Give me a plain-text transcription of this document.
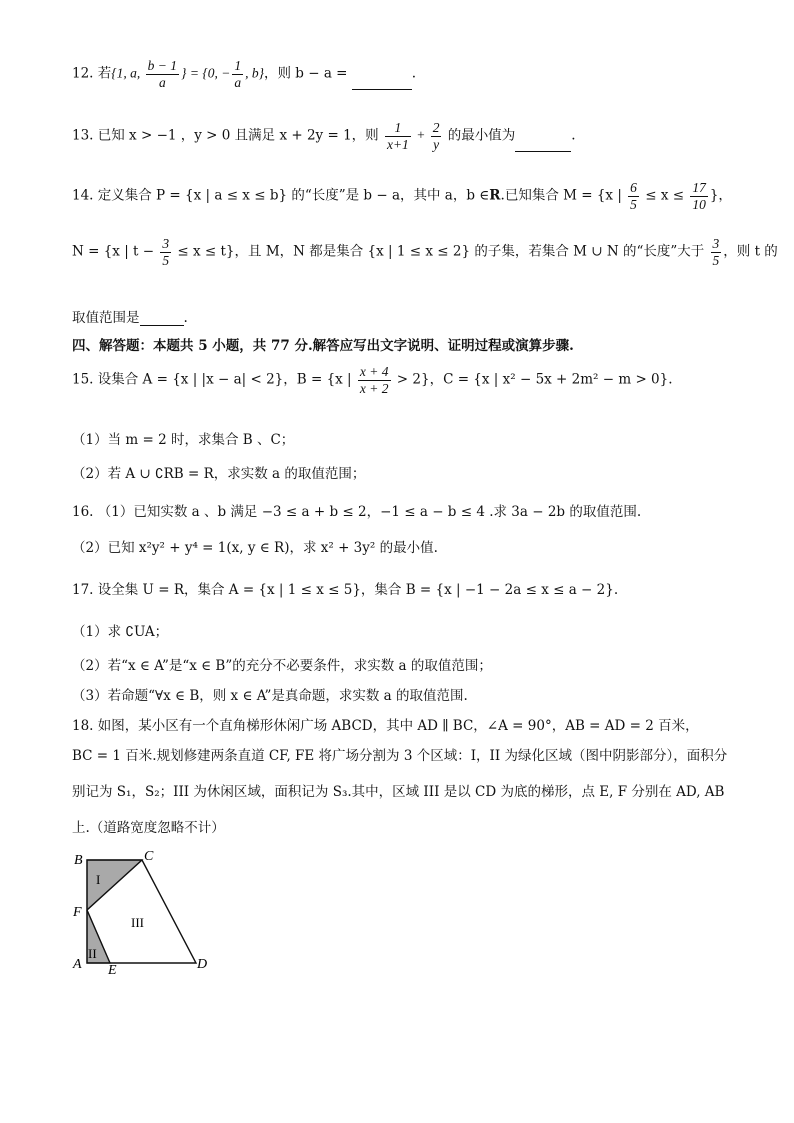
12. 若{1, a, $\frac{b - 1}{a}$ } = {0, − $\frac{1}{a}$ , b}，则 b − a =	.
13. 已知 x > −1 ，y > 0 且满足 x + 2y = 1，则 $\frac{1}{x+1} + \frac{2}{y}$ 的最小值为	.
14. 定义集合 P = {x | a ≤ x ≤ b} 的“长度”是 b − a，其中 a，b ∈R.已知集合 M = {x | $\frac{6}{5} \le x \le \frac{17}{10}$ }，
N = {x | $t - \frac{3}{5} \le x \le t$}，且 M，N 都是集合 {x | 1 ≤ x ≤ 2} 的子集，若集合 M ∪ N 的“长度”大于 $\frac{3}{5}$ ，则 t 的
取值范围是	.
四、解答题：本题共 5 小题，共 77 分.解答应写出文字说明、证明过程或演算步骤.
15. 设集合 A = {x | |x − a| < 2}，B = {x | $\frac{x + 4}{x + 2} > 2$}，C = {x | x² − 5x + 2m² − m > 0}.
（1）当 m = 2 时，求集合 B 、C；
（2）若 A ∪ ∁RB = R，求实数 a 的取值范围；
16. （1）已知实数 a 、b 满足 −3 ≤ a + b ≤ 2，−1 ≤ a − b ≤ 4 .求 3a − 2b 的取值范围.
（2）已知 x²y² + y⁴ = 1(x, y ∈ R)，求 x² + 3y² 的最小值.
17. 设全集 U = R，集合 A = {x | 1 ≤ x ≤ 5}，集合 B = {x | −1 − 2a ≤ x ≤ a − 2}.
（1）求 ∁UA；
（2）若“x ∈ A”是“x ∈ B”的充分不必要条件，求实数 a 的取值范围；
（3）若命题“∀x ∈ B，则 x ∈ A”是真命题，求实数 a 的取值范围.
18. 如图，某小区有一个直角梯形休闲广场 ABCD，其中 AD ∥ BC，∠A = 90°，AB = AD = 2 百米，
BC = 1 百米.规划修建两条直道 CF, FE 将广场分割为 3 个区域：I，II 为绿化区域（图中阴影部分），面积分
别记为 S₁，S₂；III 为休闲区域，面积记为 S₃.其中，区域 III 是以 CD 为底的梯形，点 E, F 分别在 AD, AB
上.（道路宽度忽略不计）
B	C
F
A E	D
I
II
III
